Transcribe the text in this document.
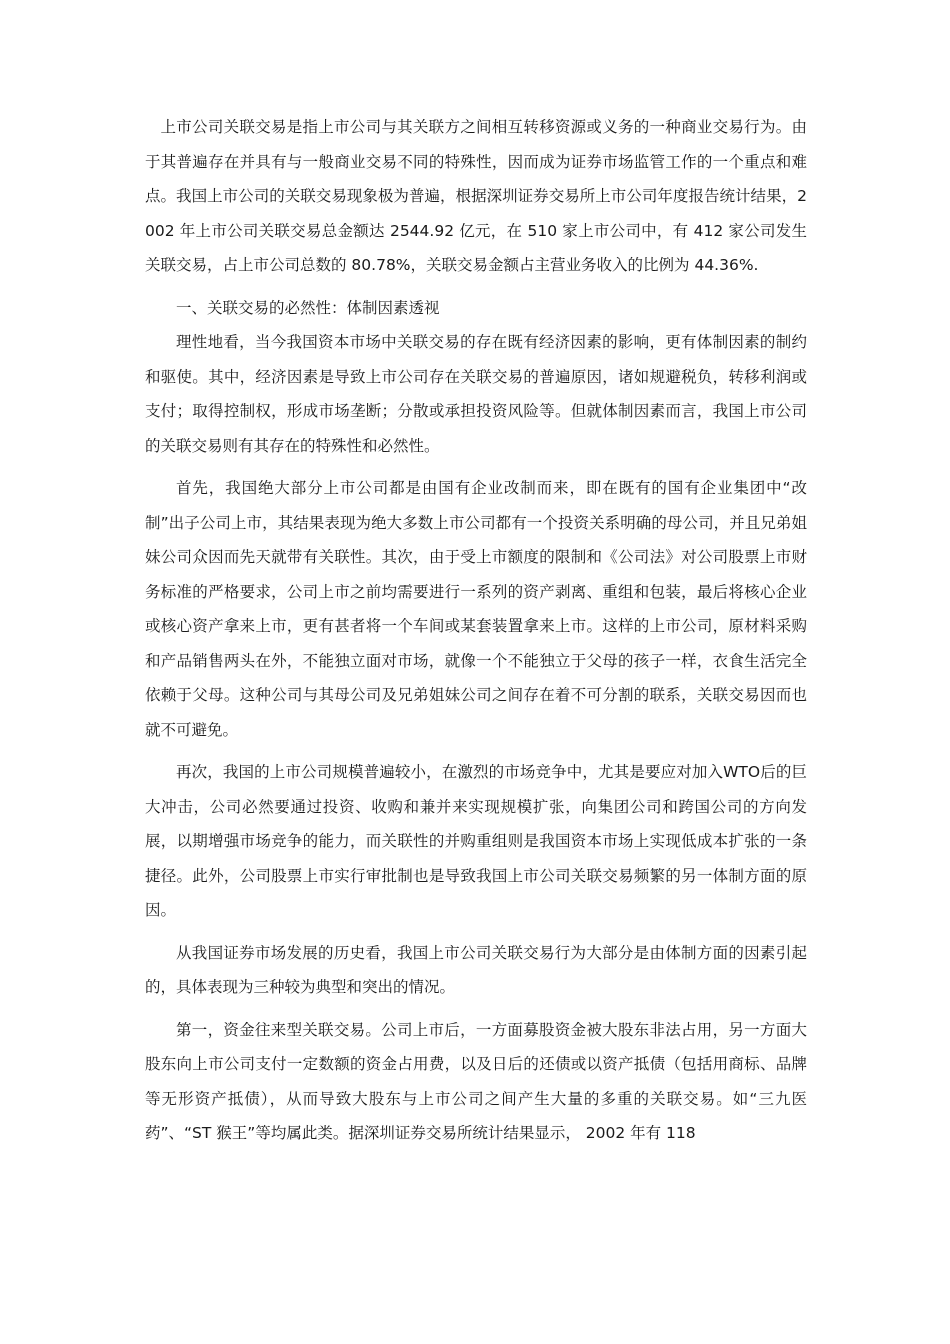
上市公司关联交易是指上市公司与其关联方之间相互转移资源或义务的一种商业交易行为。由于其普遍存在并具有与一般商业交易不同的特殊性，因而成为证券市场监管工作的一个重点和难点。我国上市公司的关联交易现象极为普遍，根据深圳证券交易所上市公司年度报告统计结果，2002 年上市公司关联交易总金额达 2544.92 亿元，在 510 家上市公司中，有 412 家公司发生关联交易，占上市公司总数的 80.78%，关联交易金额占主营业务收入的比例为 44.36%.

一、关联交易的必然性：体制因素透视

理性地看，当今我国资本市场中关联交易的存在既有经济因素的影响，更有体制因素的制约和驱使。其中，经济因素是导致上市公司存在关联交易的普遍原因，诸如规避税负，转移利润或支付；取得控制权，形成市场垄断；分散或承担投资风险等。但就体制因素而言，我国上市公司的关联交易则有其存在的特殊性和必然性。

首先，我国绝大部分上市公司都是由国有企业改制而来，即在既有的国有企业集团中“改制”出子公司上市，其结果表现为绝大多数上市公司都有一个投资关系明确的母公司，并且兄弟姐妹公司众因而先天就带有关联性。其次，由于受上市额度的限制和《公司法》对公司股票上市财务标准的严格要求，公司上市之前均需要进行一系列的资产剥离、重组和包装，最后将核心企业或核心资产拿来上市，更有甚者将一个车间或某套装置拿来上市。这样的上市公司，原材料采购和产品销售两头在外，不能独立面对市场，就像一个不能独立于父母的孩子一样，衣食生活完全依赖于父母。这种公司与其母公司及兄弟姐妹公司之间存在着不可分割的联系，关联交易因而也就不可避免。

再次，我国的上市公司规模普遍较小，在激烈的市场竞争中，尤其是要应对加入WTO后的巨大冲击，公司必然要通过投资、收购和兼并来实现规模扩张，向集团公司和跨国公司的方向发展，以期增强市场竞争的能力，而关联性的并购重组则是我国资本市场上实现低成本扩张的一条捷径。此外，公司股票上市实行审批制也是导致我国上市公司关联交易频繁的另一体制方面的原因。

从我国证券市场发展的历史看，我国上市公司关联交易行为大部分是由体制方面的因素引起的，具体表现为三种较为典型和突出的情况。

第一，资金往来型关联交易。公司上市后，一方面募股资金被大股东非法占用，另一方面大股东向上市公司支付一定数额的资金占用费，以及日后的还债或以资产抵债（包括用商标、品牌等无形资产抵债），从而导致大股东与上市公司之间产生大量的多重的关联交易。如“三九医药”、“ST 猴王”等均属此类。据深圳证券交易所统计结果显示， 2002 年有 118
